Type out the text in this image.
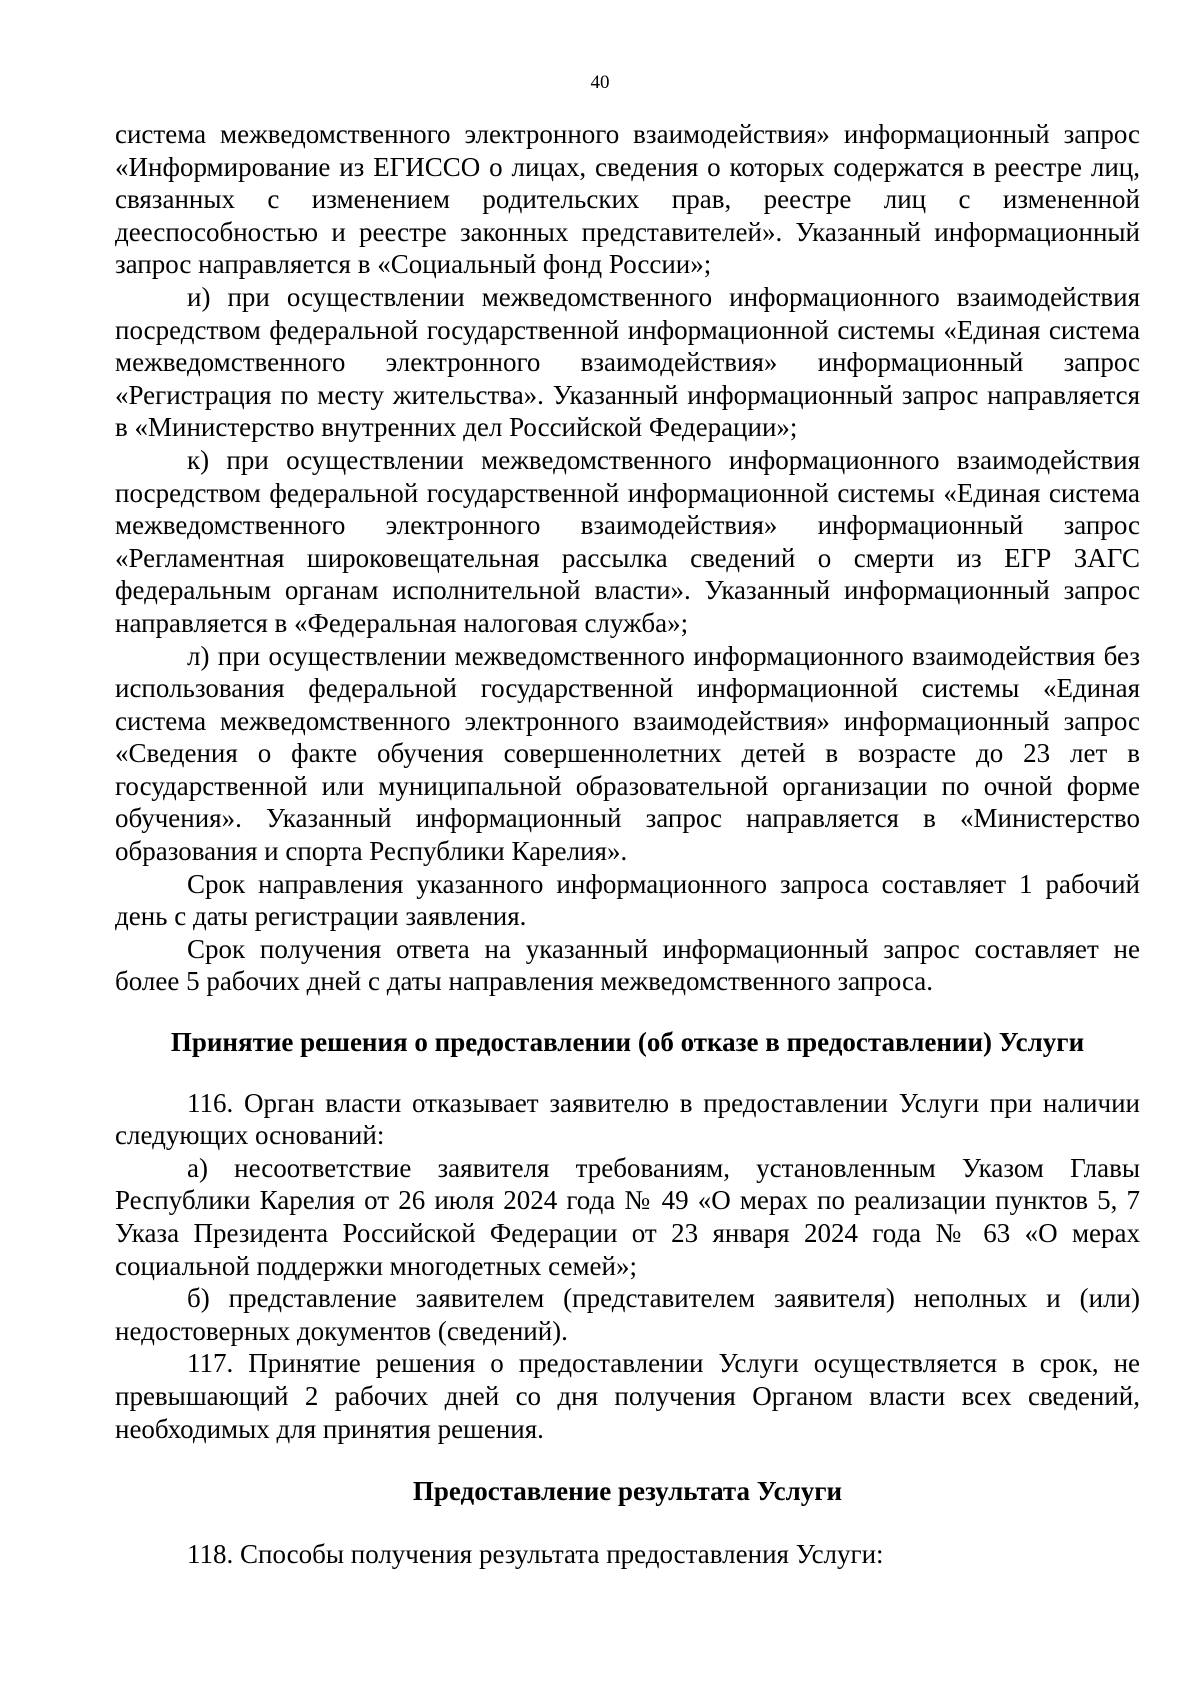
40

система межведомственного электронного взаимодействия» информационный запрос «Информирование из ЕГИССО о лицах, сведения о которых содержатся в реестре лиц, связанных с изменением родительских прав, реестре лиц с измененной дееспособностью и реестре законных представителей». Указанный информационный запрос направляется в «Социальный фонд России»;

и) при осуществлении межведомственного информационного взаимодействия посредством федеральной государственной информационной системы «Единая система межведомственного электронного взаимодействия» информационный запрос «Регистрация по месту жительства». Указанный информационный запрос направляется в «Министерство внутренних дел Российской Федерации»;

к) при осуществлении межведомственного информационного взаимодействия посредством федеральной государственной информационной системы «Единая система межведомственного электронного взаимодействия» информационный запрос «Регламентная широковещательная рассылка сведений о смерти из ЕГР ЗАГС федеральным органам исполнительной власти». Указанный информационный запрос направляется в «Федеральная налоговая служба»;

л) при осуществлении межведомственного информационного взаимодействия без использования федеральной государственной информационной системы «Единая система межведомственного электронного взаимодействия» информационный запрос «Сведения о факте обучения совершеннолетних детей в возрасте до 23 лет в государственной или муниципальной образовательной организации по очной форме обучения». Указанный информационный запрос направляется в «Министерство образования и спорта Республики Карелия».

Срок направления указанного информационного запроса составляет 1 рабочий день с даты регистрации заявления.

Срок получения ответа на указанный информационный запрос составляет не более 5 рабочих дней с даты направления межведомственного запроса.

Принятие решения о предоставлении (об отказе в предоставлении) Услуги

116. Орган власти отказывает заявителю в предоставлении Услуги при наличии следующих оснований:

а) несоответствие заявителя требованиям, установленным Указом Главы Республики Карелия от 26 июля 2024 года № 49 «О мерах по реализации пунктов 5, 7 Указа Президента Российской Федерации от 23 января 2024 года № 63 «О мерах социальной поддержки многодетных семей»;

б) представление заявителем (представителем заявителя) неполных и (или) недостоверных документов (сведений).

117. Принятие решения о предоставлении Услуги осуществляется в срок, не превышающий 2 рабочих дней со дня получения Органом власти всех сведений, необходимых для принятия решения.

Предоставление результата Услуги

118. Способы получения результата предоставления Услуги:
